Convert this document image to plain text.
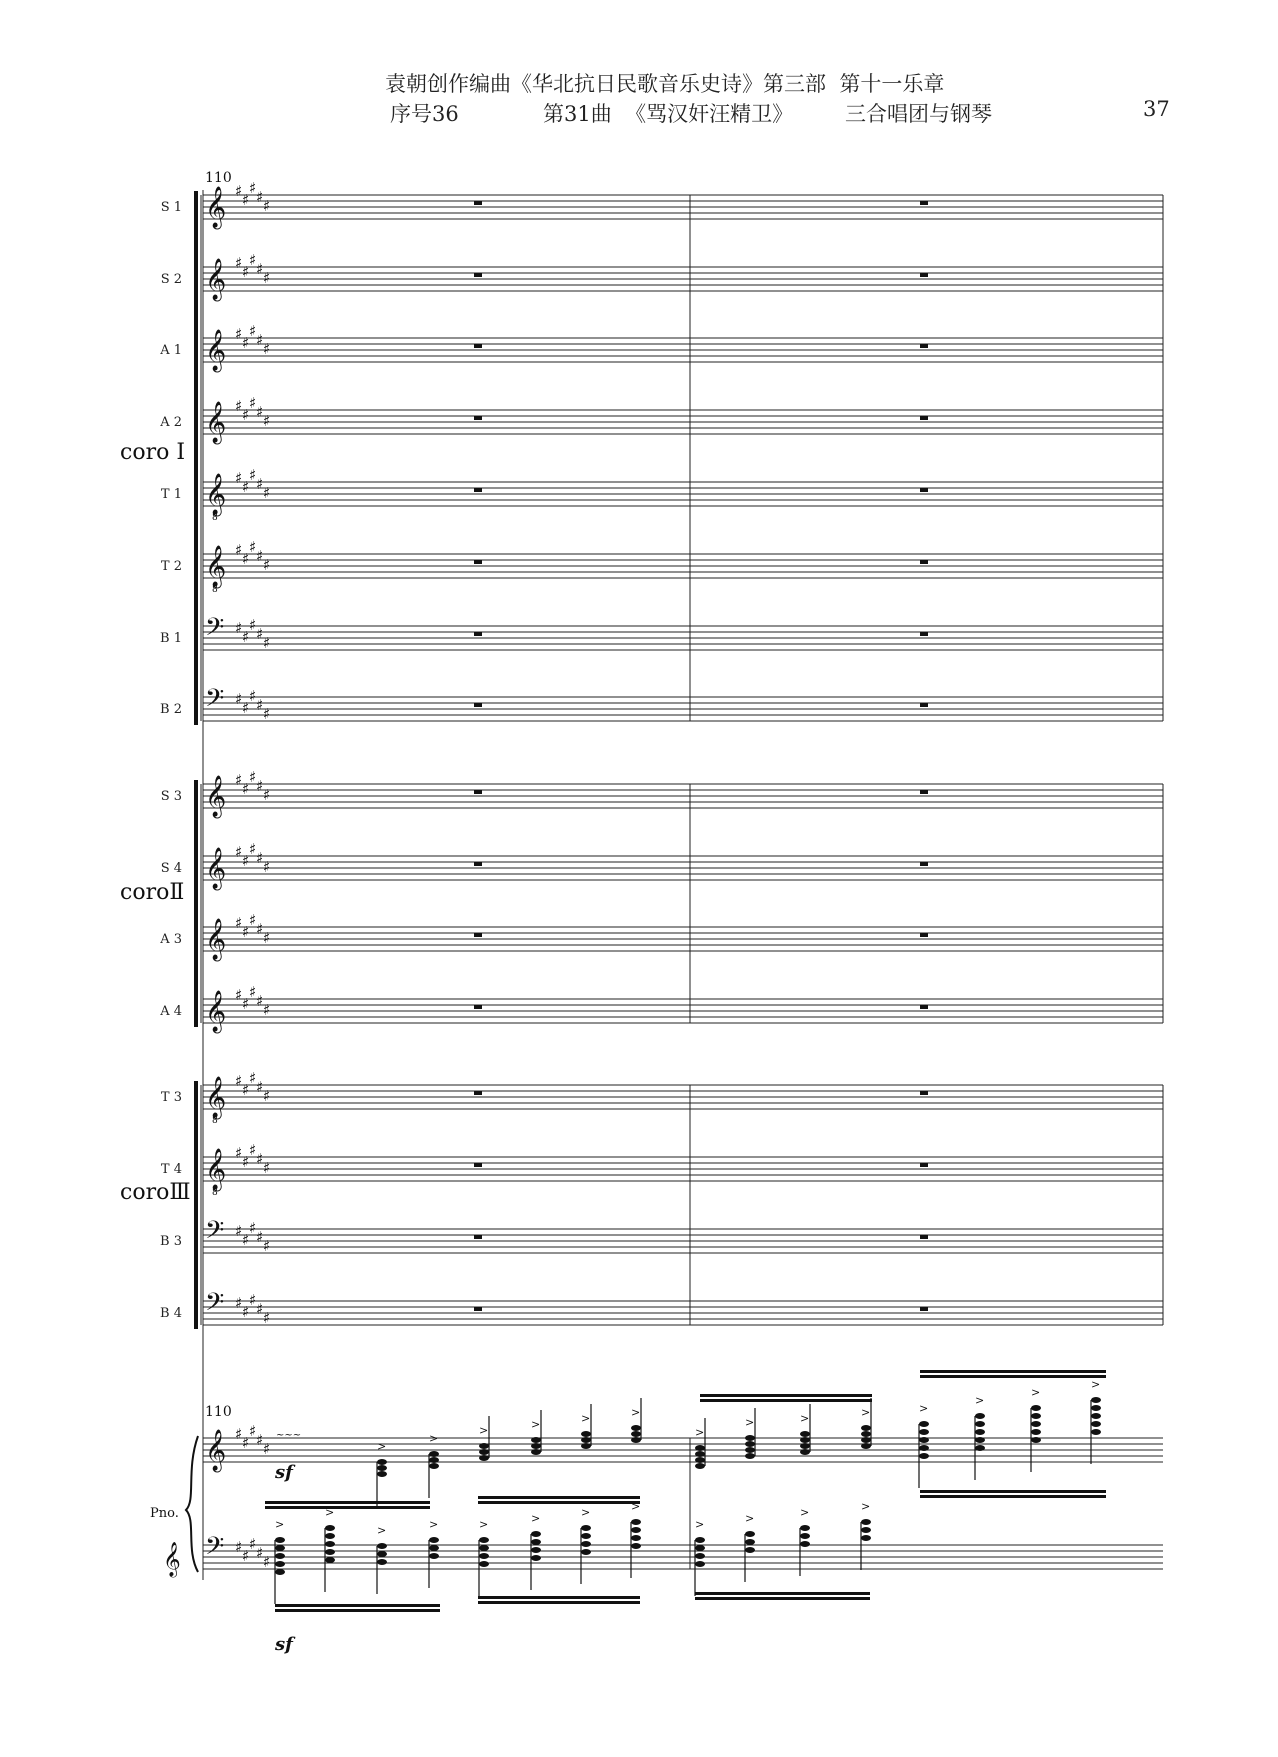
袁朝创作编曲《华北抗日民歌音乐史诗》第三部  第十一乐章
序号36	第31曲  《骂汉奸汪精卫》 三合唱团与钢琴	37
110
110
𝄞 ♯ ♯
♯ ♯ ♯
𝄞 ♯ ♯
♯ ♯ ♯
𝄞 ♯ ♯
♯ ♯ ♯
𝄞 ♯ ♯
♯ ♯ ♯
𝄞
8
♯ ♯
♯ ♯ ♯
𝄞
8
♯ ♯
♯ ♯ ♯
𝄢 ♯ ♯
♯ ♯ ♯
𝄢 ♯ ♯
♯ ♯ ♯
𝄞 ♯ ♯
♯ ♯ ♯
𝄞 ♯ ♯
♯ ♯ ♯
𝄞 ♯ ♯
♯ ♯ ♯
𝄞 ♯ ♯
♯ ♯ ♯
𝄞
8
♯ ♯
♯ ♯ ♯
𝄞
8
♯ ♯
♯ ♯ ♯
𝄢 ♯ ♯
♯ ♯ ♯
𝄢 ♯ ♯
♯ ♯ ♯
𝄞 ♯ ♯
♯ ♯ ♯
𝄢 ♯ ♯
♯ ♯ ♯
Pno.
𝄞
>
>
>	>	>	>
>
>	>	>	>
>
>
>
>
>
>	>	>	>	>	>
>	>	>	>
sf
sf
~~~
S 1
S 2
A 1
A 2
T 1
T 2
B 1
B 2
S 3
S 4
A 3
A 4
T 3
T 4
B 3
B 4
coro Ⅰ
coroⅡ
coroⅢ
